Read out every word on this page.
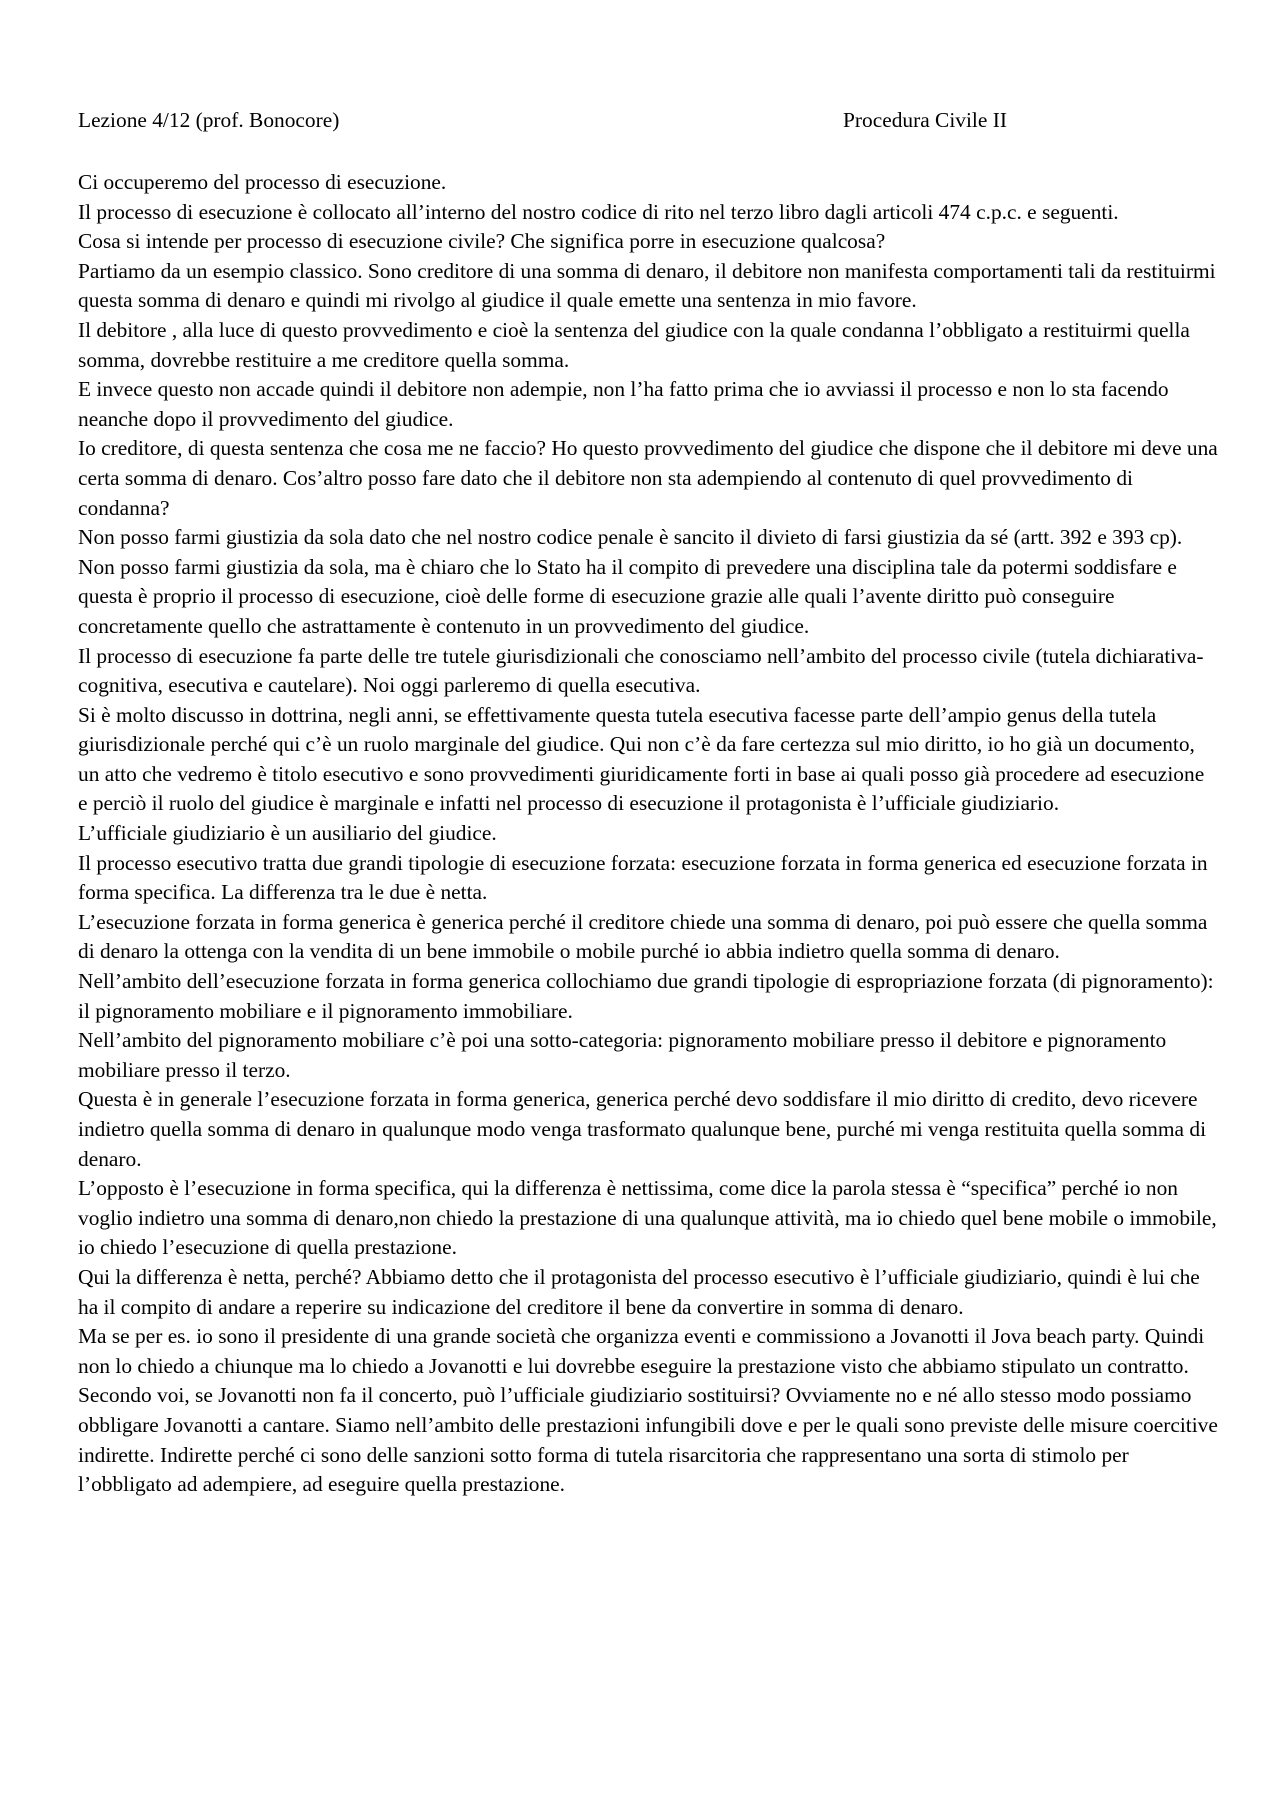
Lezione 4/12 (prof. Bonocore)	Procedura Civile II

Ci occuperemo del processo di esecuzione.

Il processo di esecuzione è collocato all’interno del nostro codice di rito nel terzo libro dagli articoli 474 c.p.c. e seguenti.

Cosa si intende per processo di esecuzione civile? Che significa porre in esecuzione qualcosa?

Partiamo da un esempio classico. Sono creditore di una somma di denaro, il debitore non manifesta comportamenti tali da restituirmi questa somma di denaro e quindi mi rivolgo al giudice il quale emette una sentenza in mio favore.

Il debitore , alla luce di questo provvedimento e cioè la sentenza del giudice con la quale condanna l’obbligato a restituirmi quella somma, dovrebbe restituire a me creditore quella somma.

E invece questo non accade quindi il debitore non adempie, non l’ha fatto prima che io avviassi il processo e non lo sta facendo neanche dopo il provvedimento del giudice.

Io creditore, di questa sentenza che cosa me ne faccio? Ho questo provvedimento del giudice che dispone che il debitore mi deve una certa somma di denaro. Cos’altro posso fare dato che il debitore non sta adempiendo al contenuto di quel provvedimento di condanna?

Non posso farmi giustizia da sola dato che nel nostro codice penale è sancito il divieto di farsi giustizia da sé (artt. 392 e 393 cp). Non posso farmi giustizia da sola, ma è chiaro che lo Stato ha il compito di prevedere una disciplina tale da potermi soddisfare e questa è proprio il processo di esecuzione, cioè delle forme di esecuzione grazie alle quali l’avente diritto può conseguire concretamente quello che astrattamente è contenuto in un provvedimento del giudice.

Il processo di esecuzione fa parte delle tre tutele giurisdizionali che conosciamo nell’ambito del processo civile (tutela dichiarativa-cognitiva, esecutiva e cautelare). Noi oggi parleremo di quella esecutiva.

Si è molto discusso in dottrina, negli anni, se effettivamente questa tutela esecutiva facesse parte dell’ampio genus della tutela giurisdizionale perché qui c’è un ruolo marginale del giudice. Qui non c’è da fare certezza sul mio diritto, io ho già un documento, un atto che vedremo è titolo esecutivo e sono provvedimenti giuridicamente forti in base ai quali posso già procedere ad esecuzione e perciò il ruolo del giudice è marginale e infatti nel processo di esecuzione il protagonista è l’ufficiale giudiziario.

L’ufficiale giudiziario è un ausiliario del giudice.

Il processo esecutivo tratta due grandi tipologie di esecuzione forzata: esecuzione forzata in forma generica ed esecuzione forzata in forma specifica. La differenza tra le due è netta.

L’esecuzione forzata in forma generica è generica perché il creditore chiede una somma di denaro, poi può essere che quella somma di denaro la ottenga con la vendita di un bene immobile o mobile purché io abbia indietro quella somma di denaro.

Nell’ambito dell’esecuzione forzata in forma generica collochiamo due grandi tipologie di espropriazione forzata (di pignoramento): il pignoramento mobiliare e il pignoramento immobiliare.

Nell’ambito del pignoramento mobiliare c’è poi una sotto-categoria: pignoramento mobiliare presso il debitore e pignoramento mobiliare presso il terzo.

Questa è in generale l’esecuzione forzata in forma generica, generica perché devo soddisfare il mio diritto di credito, devo ricevere indietro quella somma di denaro in qualunque modo venga trasformato qualunque bene, purché mi venga restituita quella somma di denaro.

L’opposto è l’esecuzione in forma specifica, qui la differenza è nettissima, come dice la parola stessa è “specifica” perché io non voglio indietro una somma di denaro,non chiedo la prestazione di una qualunque attività, ma io chiedo quel bene mobile o immobile, io chiedo l’esecuzione di quella prestazione.

Qui la differenza è netta, perché? Abbiamo detto che il protagonista del processo esecutivo è l’ufficiale giudiziario, quindi è lui che ha il compito di andare a reperire su indicazione del creditore il bene da convertire in somma di denaro.

Ma se per es. io sono il presidente di una grande società che organizza eventi e commissiono a Jovanotti il Jova beach party. Quindi non lo chiedo a chiunque ma lo chiedo a Jovanotti e lui dovrebbe eseguire la prestazione visto che abbiamo stipulato un contratto. Secondo voi, se Jovanotti non fa il concerto, può l’ufficiale giudiziario sostituirsi? Ovviamente no e né allo stesso modo possiamo obbligare Jovanotti a cantare. Siamo nell’ambito delle prestazioni infungibili dove e per le quali sono previste delle misure coercitive indirette. Indirette perché ci sono delle sanzioni sotto forma di tutela risarcitoria che rappresentano una sorta di stimolo per l’obbligato ad adempiere, ad eseguire quella prestazione.
